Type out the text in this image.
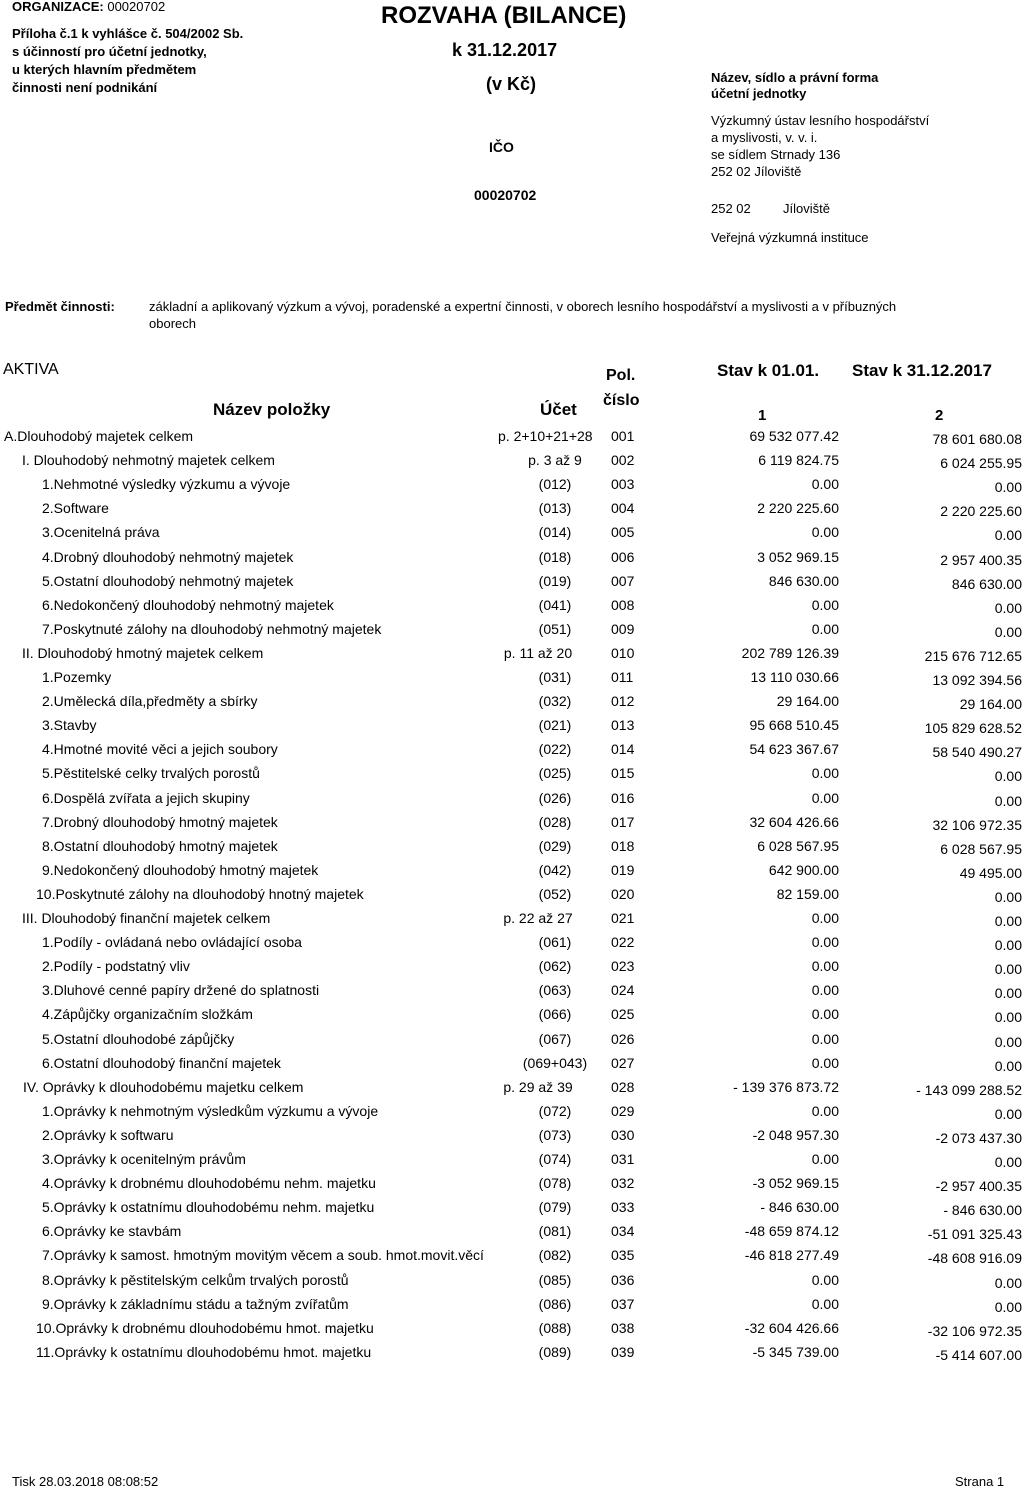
ORGANIZACE: 00020702
Příloha č.1 k vyhlášce č. 504/2002 Sb.
s účinností pro účetní jednotky,
u kterých hlavním předmětem
činnosti není podnikání
ROZVAHA (BILANCE)
k 31.12.2017
(v Kč)
IČO
00020702
Název, sídlo a právní forma
účetní jednotky
Výzkumný ústav lesního hospodářství
a myslivosti, v. v. i.
se sídlem Strnady 136
252 02 Jíloviště
252 02 Jíloviště
Veřejná výzkumná instituce
Předmět činnosti:	základní a aplikovaný výzkum a vývoj, poradenské a expertní činnosti, v oborech lesního hospodářství a myslivosti a v příbuzných
oborech
AKTIVA
Název položky	Účet
Pol.
číslo
Stav k 01.01. Stav k 31.12.2017
1	2
A.Dlouhodobý majetek celkem	p. 2+10+21+28 001	69 532 077.42	78 601 680.08
I. Dlouhodobý nehmotný majetek celkem	p. 3 až 9	002	6 119 824.75	6 024 255.95
1.Nehmotné výsledky výzkumu a vývoje	(012)	003	0.00	0.00
2.Software	(013)	004	2 220 225.60	2 220 225.60
3.Ocenitelná práva	(014)	005	0.00	0.00
4.Drobný dlouhodobý nehmotný majetek	(018)	006	3 052 969.15	2 957 400.35
5.Ostatní dlouhodobý nehmotný majetek	(019)	007	846 630.00	846 630.00
6.Nedokončený dlouhodobý nehmotný majetek	(041)	008	0.00	0.00
7.Poskytnuté zálohy na dlouhodobý nehmotný majetek	(051)	009	0.00	0.00
II. Dlouhodobý hmotný majetek celkem	p. 11 až 20	010	202 789 126.39	215 676 712.65
1.Pozemky	(031)	011	13 110 030.66	13 092 394.56
2.Umělecká díla,předměty a sbírky	(032)	012	29 164.00	29 164.00
3.Stavby	(021)	013	95 668 510.45	105 829 628.52
4.Hmotné movité věci a jejich soubory	(022)	014	54 623 367.67	58 540 490.27
5.Pěstitelské celky trvalých porostů	(025)	015	0.00	0.00
6.Dospělá zvířata a jejich skupiny	(026)	016	0.00	0.00
7.Drobný dlouhodobý hmotný majetek	(028)	017	32 604 426.66	32 106 972.35
8.Ostatní dlouhodobý hmotný majetek	(029)	018	6 028 567.95	6 028 567.95
9.Nedokončený dlouhodobý hmotný majetek	(042)	019	642 900.00	49 495.00
10.Poskytnuté zálohy na dlouhodobý hnotný majetek	(052)	020	82 159.00	0.00
III. Dlouhodobý finanční majetek celkem	p. 22 až 27	021	0.00	0.00
1.Podíly - ovládaná nebo ovládající osoba	(061)	022	0.00	0.00
2.Podíly - podstatný vliv	(062)	023	0.00	0.00
3.Dluhové cenné papíry držené do splatnosti	(063)	024	0.00	0.00
4.Zápůjčky organizačním složkám	(066)	025	0.00	0.00
5.Ostatní dlouhodobé zápůjčky	(067)	026	0.00	0.00
6.Ostatní dlouhodobý finanční majetek	(069+043)	027	0.00	0.00
IV. Oprávky k dlouhodobému majetku celkem	p. 29 až 39	028	- 139 376 873.72	- 143 099 288.52
1.Oprávky k nehmotným výsledkům výzkumu a vývoje	(072)	029	0.00	0.00
2.Oprávky k softwaru	(073)	030	-2 048 957.30	-2 073 437.30
3.Oprávky k ocenitelným právům	(074)	031	0.00	0.00
4.Oprávky k drobnému dlouhodobému nehm. majetku	(078)	032	-3 052 969.15	-2 957 400.35
5.Oprávky k ostatnímu dlouhodobému nehm. majetku	(079)	033	- 846 630.00	- 846 630.00
6.Oprávky ke stavbám	(081)	034	-48 659 874.12	-51 091 325.43
7.Oprávky k samost. hmotným movitým věcem a soub. hmot.movit.věcí	(082)	035	-46 818 277.49	-48 608 916.09
8.Oprávky k pěstitelským celkům trvalých porostů	(085)	036	0.00	0.00
9.Oprávky k základnímu stádu a tažným zvířatům	(086)	037	0.00	0.00
10.Oprávky k drobnému dlouhodobému hmot. majetku	(088)	038	-32 604 426.66	-32 106 972.35
11.Oprávky k ostatnímu dlouhodobému hmot. majetku	(089)	039	-5 345 739.00	-5 414 607.00
Tisk 28.03.2018 08:08:52	Strana 1
